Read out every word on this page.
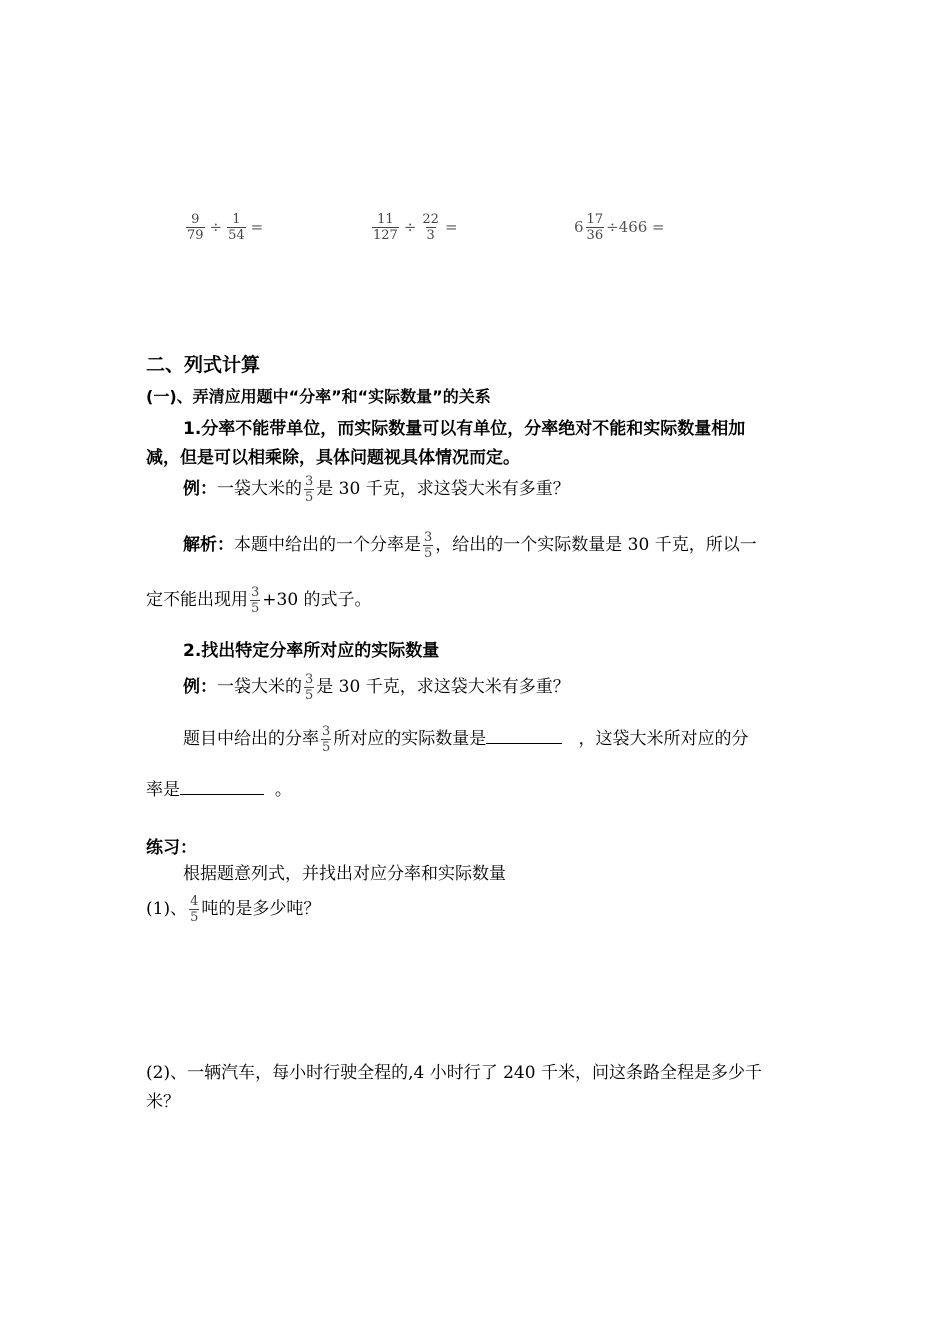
$\frac{9}{79} \div \frac{1}{54}$ =	$\frac{11}{127} \div \frac{22}{3}$ =	$6 \frac{17}{36} \div 466$ =
二、列式计算
(一)、弄清应用题中“分率”和“实际数量”的关系
1.分率不能带单位，而实际数量可以有单位，分率绝对不能和实际数量相加
减，但是可以相乘除，具体问题视具体情况而定。
例：一袋大米的 $\frac{3}{5}$ 是 30 千克，求这袋大米有多重？
解析：本题中给出的一个分率是 $\frac{3}{5}$ ，给出的一个实际数量是 30 千克，所以一
定不能出现用 $\frac{3}{5} +30$ 的式子。
2.找出特定分率所对应的实际数量
例：一袋大米的 $\frac{3}{5}$ 是 30 千克，求这袋大米有多重？
题目中给出的分率 $\frac{3}{5}$ 所对应的实际数量是	，这袋大米所对应的分
率是	。
练习：
根据题意列式，并找出对应分率和实际数量
(1)、 $\frac{4}{5}$ 吨的是多少吨？
(2)、一辆汽车，每小时行驶全程的,4 小时行了 240 千米，问这条路全程是多少千
米？
